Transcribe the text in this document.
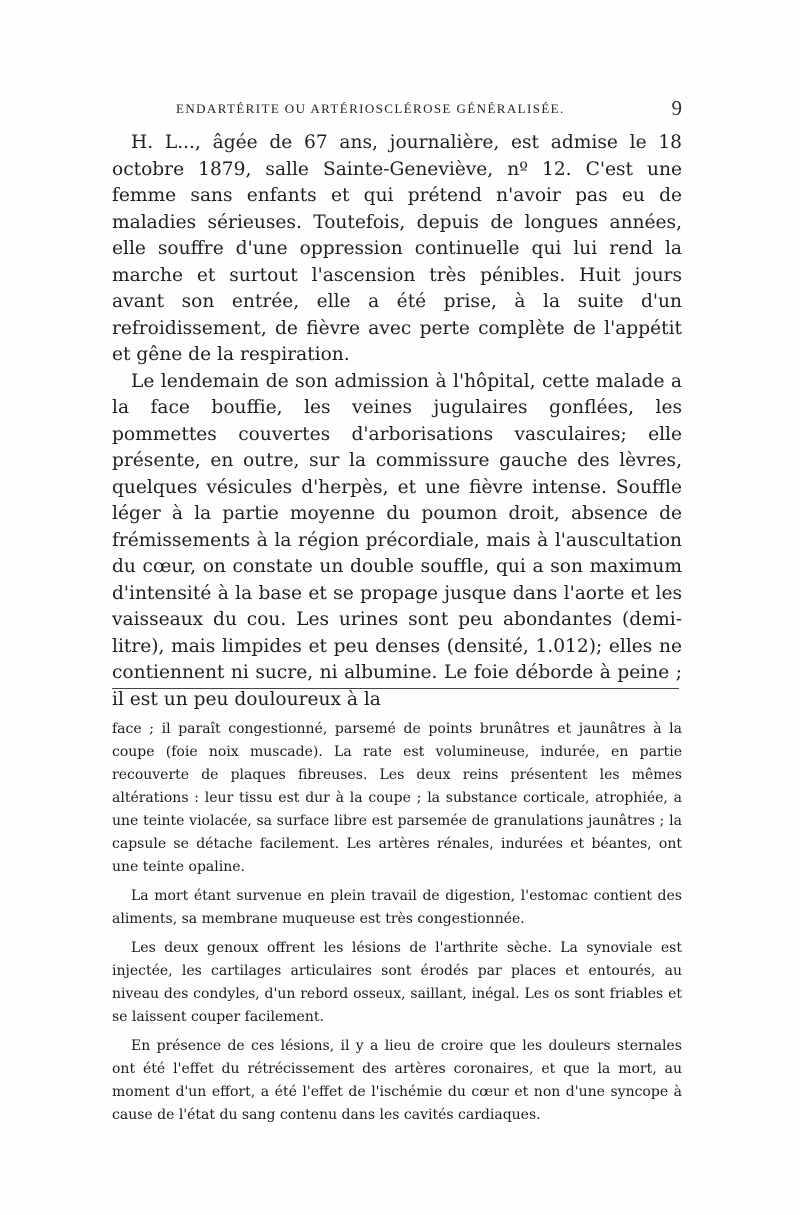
ENDARTÉRITE OU ARTÉRIOSCLÉROSE GÉNÉRALISÉE.	9

H. L..., âgée de 67 ans, journalière, est admise le 18 octobre 1879, salle Sainte-Geneviève, nº 12. C'est une femme sans enfants et qui prétend n'avoir pas eu de maladies sérieuses. Toutefois, depuis de longues années, elle souffre d'une oppression continuelle qui lui rend la marche et surtout l'ascension très pénibles. Huit jours avant son entrée, elle a été prise, à la suite d'un refroidissement, de fièvre avec perte complète de l'appétit et gêne de la respiration.

Le lendemain de son admission à l'hôpital, cette malade a la face bouffie, les veines jugulaires gonflées, les pommettes couvertes d'arborisations vasculaires; elle présente, en outre, sur la commissure gauche des lèvres, quelques vésicules d'herpès, et une fièvre intense. Souffle léger à la partie moyenne du poumon droit, absence de frémissements à la région précordiale, mais à l'auscultation du cœur, on constate un double souffle, qui a son maximum d'intensité à la base et se propage jusque dans l'aorte et les vaisseaux du cou. Les urines sont peu abondantes (demi-litre), mais limpides et peu denses (densité, 1.012); elles ne contiennent ni sucre, ni albumine. Le foie déborde à peine ; il est un peu douloureux à la

face ; il paraît congestionné, parsemé de points brunâtres et jaunâtres à la coupe (foie noix muscade). La rate est volumineuse, indurée, en partie recouverte de plaques fibreuses. Les deux reins présentent les mêmes altérations : leur tissu est dur à la coupe ; la substance corticale, atrophiée, a une teinte violacée, sa surface libre est parsemée de granulations jaunâtres ; la capsule se détache facilement. Les artères rénales, indurées et béantes, ont une teinte opaline.

La mort étant survenue en plein travail de digestion, l'estomac contient des aliments, sa membrane muqueuse est très congestionnée.

Les deux genoux offrent les lésions de l'arthrite sèche. La synoviale est injectée, les cartilages articulaires sont érodés par places et entourés, au niveau des condyles, d'un rebord osseux, saillant, inégal. Les os sont friables et se laissent couper facilement.

En présence de ces lésions, il y a lieu de croire que les douleurs sternales ont été l'effet du rétrécissement des artères coronaires, et que la mort, au moment d'un effort, a été l'effet de l'ischémie du cœur et non d'une syncope à cause de l'état du sang contenu dans les cavités cardiaques.
